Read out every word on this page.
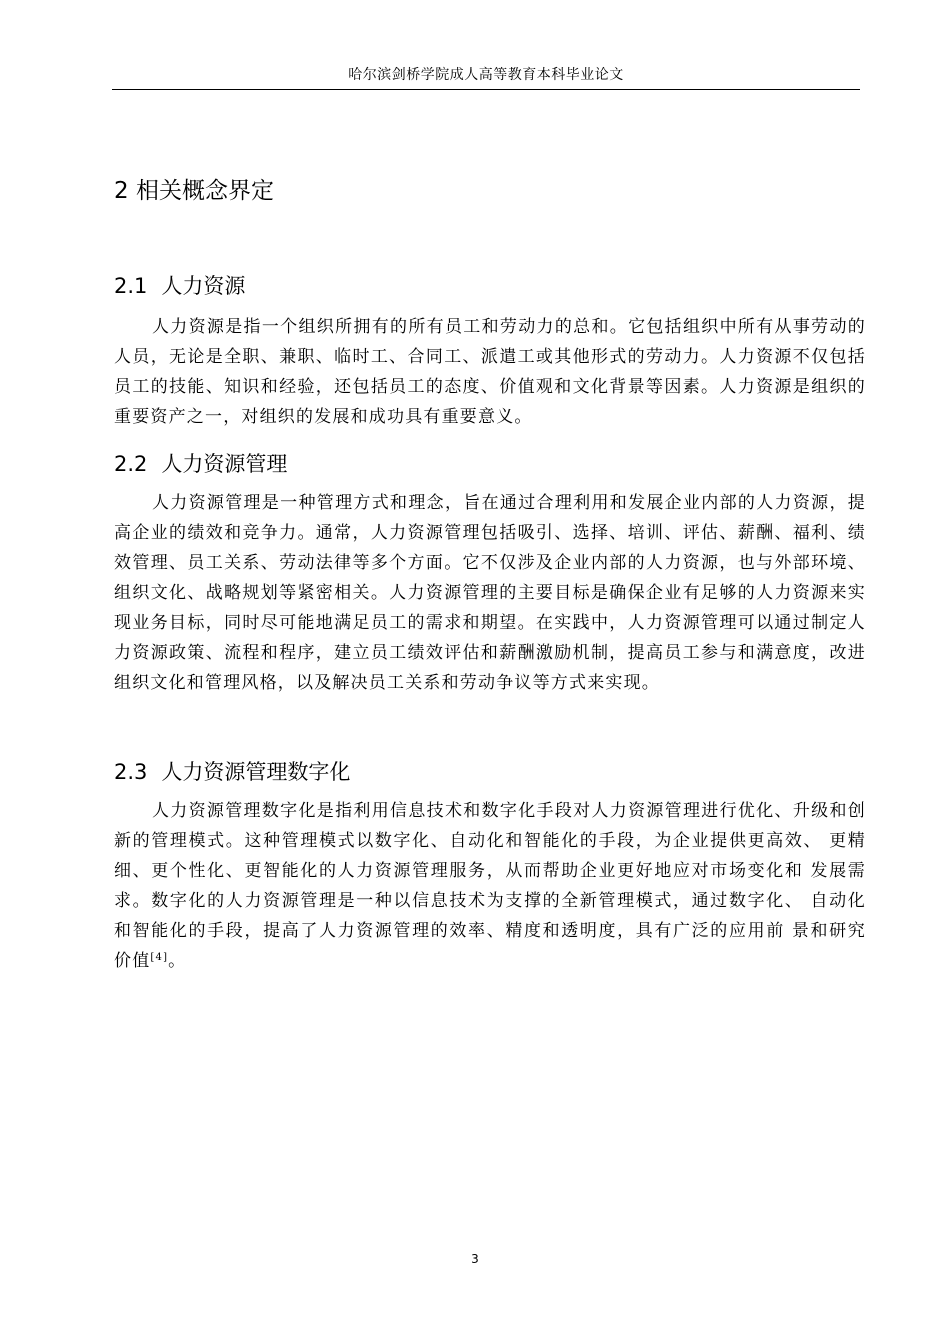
哈尔滨剑桥学院成人高等教育本科毕业论文
2 相关概念界定
2.1 人力资源

人力资源是指一个组织所拥有的所有员工和劳动力的总和。它包括组织中所有从事劳动的人员，无论是全职、兼职、临时工、合同工、派遣工或其他形式的劳动力。人力资源不仅包括员工的技能、知识和经验，还包括员工的态度、价值观和文化背景等因素。人力资源是组织的重要资产之一，对组织的发展和成功具有重要意义。

2.2 人力资源管理

人力资源管理是一种管理方式和理念，旨在通过合理利用和发展企业内部的人力资源，提高企业的绩效和竞争力。通常，人力资源管理包括吸引、选择、培训、评估、薪酬、福利、绩效管理、员工关系、劳动法律等多个方面。它不仅涉及企业内部的人力资源，也与外部环境、组织文化、战略规划等紧密相关。人力资源管理的主要目标是确保企业有足够的人力资源来实现业务目标，同时尽可能地满足员工的需求和期望。在实践中，人力资源管理可以通过制定人力资源政策、流程和程序，建立员工绩效评估和薪酬激励机制，提高员工参与和满意度，改进组织文化和管理风格，以及解决员工关系和劳动争议等方式来实现。

2.3 人力资源管理数字化

人力资源管理数字化是指利用信息技术和数字化手段对人力资源管理进行优化、升级和创新的管理模式。这种管理模式以数字化、自动化和智能化的手段，为企业提供更高效、 更精细、更个性化、更智能化的人力资源管理服务，从而帮助企业更好地应对市场变化和 发展需求。数字化的人力资源管理是一种以信息技术为支撑的全新管理模式，通过数字化、 自动化和智能化的手段，提高了人力资源管理的效率、精度和透明度，具有广泛的应用前 景和研究价值[4]。

3
